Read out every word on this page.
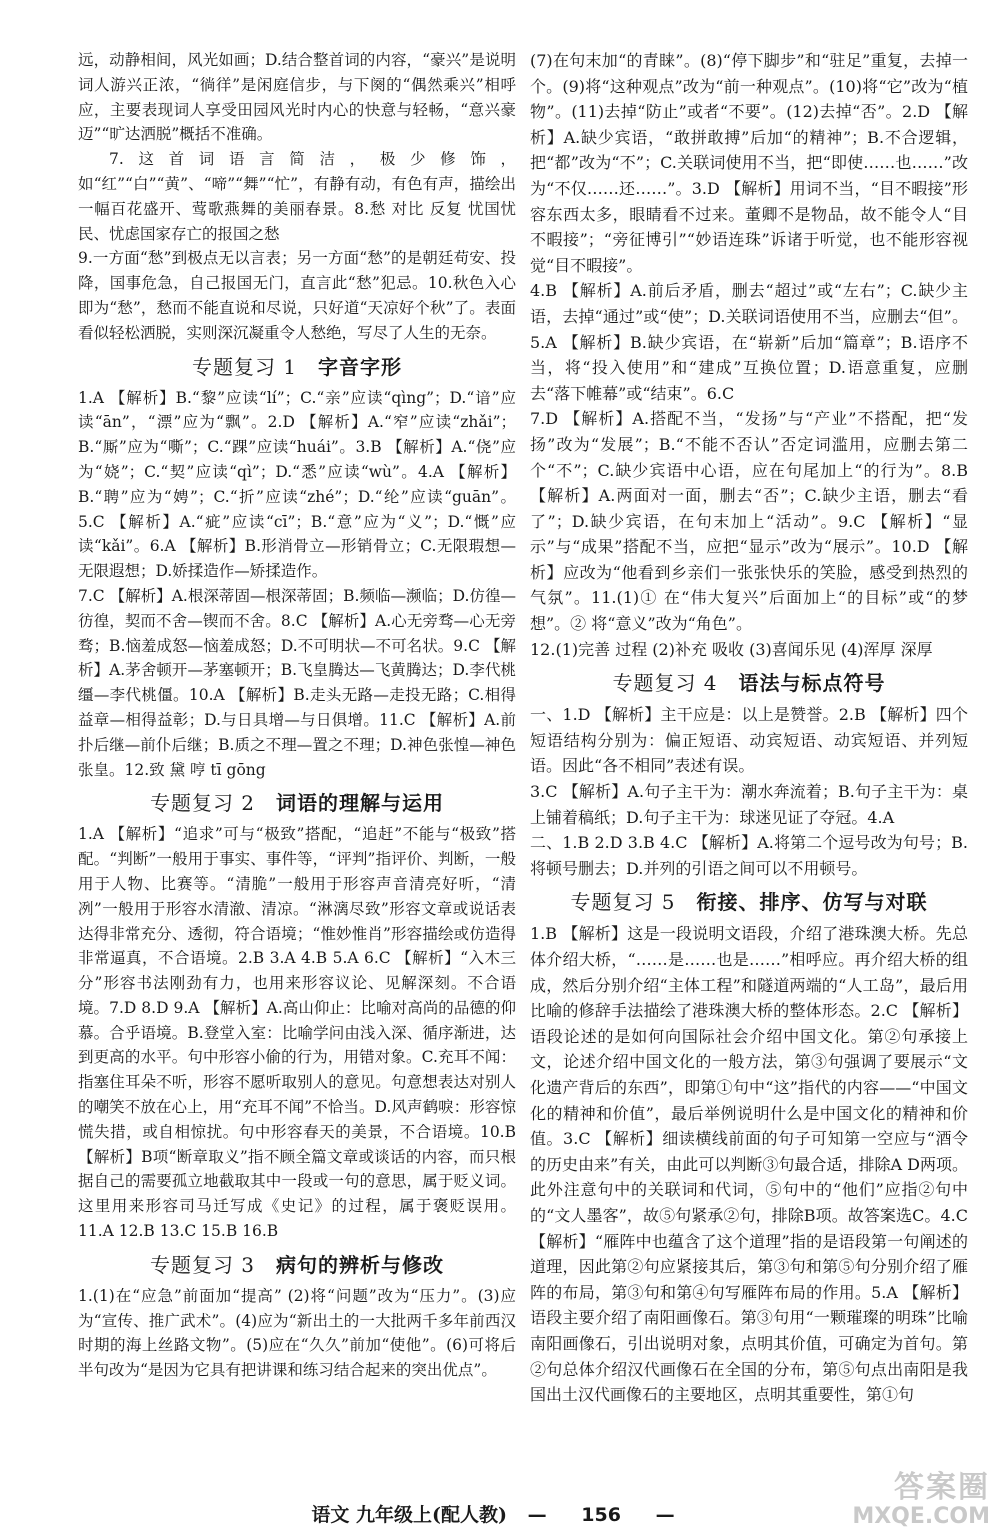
远，动静相间，风光如画；D.结合整首词的内容，“豪兴”是说明词人游兴正浓，“徜徉”是闲庭信步，与下阕的“偶然乘兴”相呼应，主要表现词人享受田园风光时内心的快意与轻畅，“意兴豪迈”“旷达洒脱”概括不准确。

7.这首词语言简洁，极少修饰，如“红”“白”“黄”、“啼”“舞”“忙”，有静有动，有色有声，描绘出一幅百花盛开、莺歌燕舞的美丽春景。8.愁 对比 反复 忧国忧民、忧虑国家存亡的报国之愁

9.一方面“愁”到极点无以言表；另一方面“愁”的是朝廷苟安、投降，国事危急，自己报国无门，直言此“愁”犯忌。10.秋色入心即为“愁”，愁而不能直说和尽说，只好道“天凉好个秋”了。表面看似轻松洒脱，实则深沉凝重令人愁绝，写尽了人生的无奈。

专题复习 1  字音字形

1.A 【解析】B.“黎”应读“lí”；C.“亲”应读“qìng”；D.“谙”应读“ān”，“漂”应为“飘”。2.D 【解析】A.“窄”应读“zhǎi”；B.“厮”应为“嘶”；C.“踝”应读“huái”。3.B 【解析】A.“侥”应为“娆”；C.“契”应读“qì”；D.“悉”应读“wù”。4.A 【解析】B.“聘”应为“娉”；C.“折”应读“zhé”；D.“纶”应读“guān”。5.C 【解析】A.“疵”应读“cī”；B.“意”应为“义”；D.“慨”应读“kǎi”。6.A 【解析】B.形消骨立—形销骨立；C.无限瑕想—无限遐想；D.娇揉造作—矫揉造作。

7.C 【解析】A.根深蒂固—根深蒂固；B.频临—濒临；D.仿徨—彷徨，契而不舍—锲而不舍。8.C 【解析】A.心无旁骛—心无旁骛；B.恼羞成怒—恼羞成怒；D.不可明状—不可名状。9.C 【解析】A.茅舍顿开—茅塞顿开；B.飞皇腾达—飞黄腾达；D.李代桃缰—李代桃僵。10.A 【解析】B.走头无路—走投无路；C.相得益章—相得益彰；D.与日具增—与日俱增。11.C 【解析】A.前扑后继—前仆后继；B.质之不理—置之不理；D.神色张惶—神色张皇。12.致 黛 哼 tī gōng

专题复习 2  词语的理解与运用

1.A 【解析】“追求”可与“极致”搭配，“追赶”不能与“极致”搭配。“判断”一般用于事实、事件等，“评判”指评价、判断，一般用于人物、比赛等。“清脆”一般用于形容声音清亮好听，“清冽”一般用于形容水清澈、清凉。“淋漓尽致”形容文章或说话表达得非常充分、透彻，符合语境；“惟妙惟肖”形容描绘或仿造得非常逼真，不合语境。2.B 3.A 4.B 5.A 6.C 【解析】“入木三分”形容书法刚劲有力，也用来形容议论、见解深刻。不合语境。7.D 8.D 9.A 【解析】A.高山仰止：比喻对高尚的品德的仰慕。合乎语境。B.登堂入室：比喻学问由浅入深、循序渐进，达到更高的水平。句中形容小偷的行为，用错对象。C.充耳不闻：指塞住耳朵不听，形容不愿听取别人的意见。句意想表达对别人的嘲笑不放在心上，用“充耳不闻”不恰当。D.风声鹤唳：形容惊慌失措，或自相惊扰。句中形容春天的美景，不合语境。10.B 【解析】B项“断章取义”指不顾全篇文章或谈话的内容，而只根据自己的需要孤立地截取其中一段或一句的意思，属于贬义词。这里用来形容司马迁写成《史记》的过程，属于褒贬误用。11.A 12.B 13.C 15.B 16.B

专题复习 3  病句的辨析与修改

1.(1)在“应急”前面加“提高” (2)将“问题”改为“压力”。(3)应为“宣传、推广武术”。(4)应为“新出土的一大批两千多年前西汉时期的海上丝路文物”。(5)应在“久久”前加“使他”。(6)可将后半句改为“是因为它具有把讲课和练习结合起来的突出优点”。

(7)在句末加“的青睐”。(8)“停下脚步”和“驻足”重复，去掉一个。(9)将“这种观点”改为“前一种观点”。(10)将“它”改为“植物”。(11)去掉“防止”或者“不要”。(12)去掉“否”。2.D 【解析】A.缺少宾语，“敢拼敢搏”后加“的精神”；B.不合逻辑，把“都”改为“不”；C.关联词使用不当，把“即使……也……”改为“不仅……还……”。3.D 【解析】用词不当，“目不暇接”形容东西太多，眼睛看不过来。董卿不是物品，故不能令人“目不暇接”；“旁征博引”“妙语连珠”诉诸于听觉，也不能形容视觉“目不暇接”。

4.B 【解析】A.前后矛盾，删去“超过”或“左右”；C.缺少主语，去掉“通过”或“使”；D.关联词语使用不当，应删去“但”。5.A 【解析】B.缺少宾语，在“崭新”后加“篇章”；B.语序不当，将“投入使用”和“建成”互换位置；D.语意重复，应删去“落下帷幕”或“结束”。6.C

7.D 【解析】A.搭配不当，“发扬”与“产业”不搭配，把“发扬”改为“发展”；B.“不能不否认”否定词滥用，应删去第二个“不”；C.缺少宾语中心语，应在句尾加上“的行为”。8.B 【解析】A.两面对一面，删去“否”；C.缺少主语，删去“看了”；D.缺少宾语，在句末加上“活动”。9.C 【解析】“显示”与“成果”搭配不当，应把“显示”改为“展示”。10.D 【解析】应改为“他看到乡亲们一张张快乐的笑脸，感受到热烈的气氛”。11.(1)① 在“伟大复兴”后面加上“的目标”或“的梦想”。② 将“意义”改为“角色”。

12.(1)完善 过程 (2)补充 吸收 (3)喜闻乐见 (4)浑厚 深厚

专题复习 4  语法与标点符号

一、1.D 【解析】主干应是：以上是赞誉。2.B 【解析】四个短语结构分别为：偏正短语、动宾短语、动宾短语、并列短语。因此“各不相同”表述有误。

3.C 【解析】A.句子主干为：潮水奔流着；B.句子主干为：桌上铺着稿纸；D.句子主干为：球迷见证了夺冠。4.A

二、1.B 2.D 3.B 4.C 【解析】A.将第二个逗号改为句号；B.将顿号删去；D.并列的引语之间可以不用顿号。

专题复习 5  衔接、排序、仿写与对联

1.B 【解析】这是一段说明文语段，介绍了港珠澳大桥。先总体介绍大桥，“……是……也是……”相呼应。再介绍大桥的组成，然后分别介绍“主体工程”和隧道两端的“人工岛”，最后用比喻的修辞手法描绘了港珠澳大桥的整体形态。2.C 【解析】语段论述的是如何向国际社会介绍中国文化。第②句承接上文，论述介绍中国文化的一般方法，第③句强调了要展示“文化遗产背后的东西”，即第①句中“这”指代的内容——“中国文化的精神和价值”，最后举例说明什么是中国文化的精神和价值。3.C 【解析】细读横线前面的句子可知第一空应与“酒令的历史由来”有关，由此可以判断③句最合适，排除A D两项。此外注意句中的关联词和代词，⑤句中的“他们”应指②句中的“文人墨客”，故⑤句紧承②句，排除B项。故答案选C。4.C 【解析】“雁阵中也蕴含了这个道理”指的是语段第一句阐述的道理，因此第②句应紧接其后，第③句和第⑤句分别介绍了雁阵的布局，第③句和第④句写雁阵布局的作用。5.A 【解析】语段主要介绍了南阳画像石。第③句用“一颗璀璨的明珠”比喻南阳画像石，引出说明对象，点明其价值，可确定为首句。第②句总体介绍汉代画像石在全国的分布，第⑤句点出南阳是我国出土汉代画像石的主要地区，点明其重要性，第①句

语文 九年级上(配人教) — 156 —
答案圈
MXQE.COM
